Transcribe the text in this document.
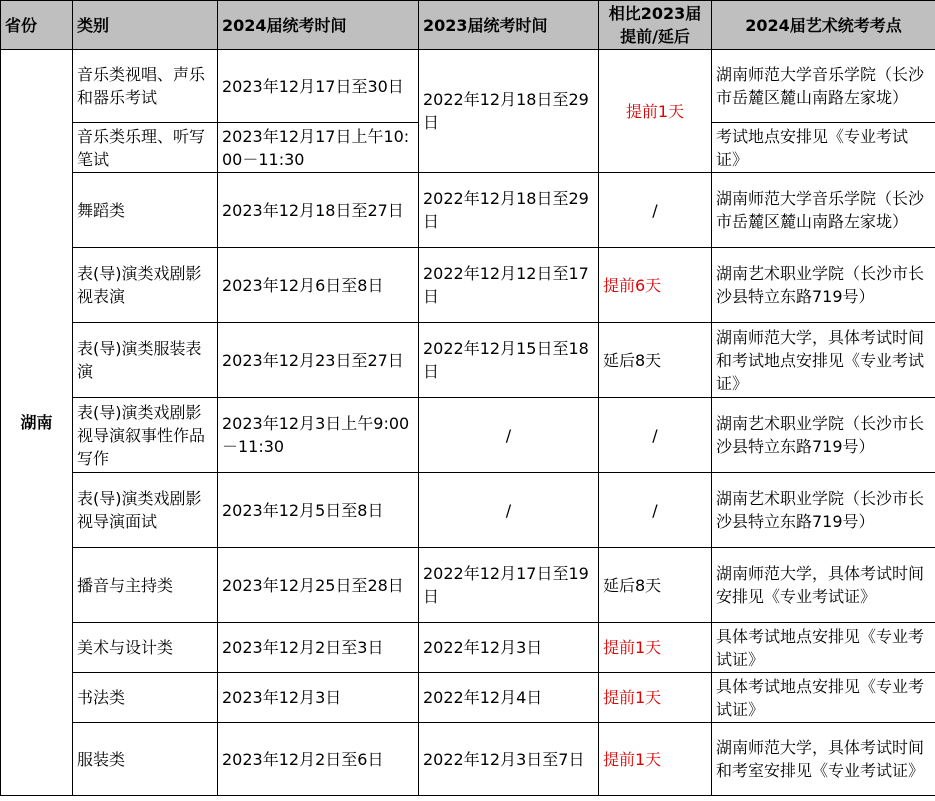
省份	类别	2024届统考时间	2023届统考时间	相比2023届提前/延后	2024届艺术统考考点
湖南	音乐类视唱、声乐和器乐考试	2023年12月17日至30日	2022年12月18日至29日	提前1天	湖南师范大学音乐学院（长沙市岳麓区麓山南路左家垅）
	音乐类乐理、听写笔试	2023年12月17日上午10:00－11:30			考试地点安排见《专业考试证》
	舞蹈类	2023年12月18日至27日	2022年12月18日至29日	/	湖南师范大学音乐学院（长沙市岳麓区麓山南路左家垅）
	表(导)演类戏剧影视表演	2023年12月6日至8日	2022年12月12日至17日	提前6天	湖南艺术职业学院（长沙市长沙县特立东路719号）
	表(导)演类服装表演	2023年12月23日至27日	2022年12月15日至18日	延后8天	湖南师范大学，具体考试时间和考试地点安排见《专业考试证》
	表(导)演类戏剧影视导演叙事性作品写作	2023年12月3日上午9:00－11:30	/	/	湖南艺术职业学院（长沙市长沙县特立东路719号）
	表(导)演类戏剧影视导演面试	2023年12月5日至8日	/	/	湖南艺术职业学院（长沙市长沙县特立东路719号）
	播音与主持类	2023年12月25日至28日	2022年12月17日至19日	延后8天	湖南师范大学，具体考试时间安排见《专业考试证》
	美术与设计类	2023年12月2日至3日	2022年12月3日	提前1天	具体考试地点安排见《专业考试证》
	书法类	2023年12月3日	2022年12月4日	提前1天	具体考试地点安排见《专业考试证》
	服装类	2023年12月2日至6日	2022年12月3日至7日	提前1天	湖南师范大学，具体考试时间和考室安排见《专业考试证》
